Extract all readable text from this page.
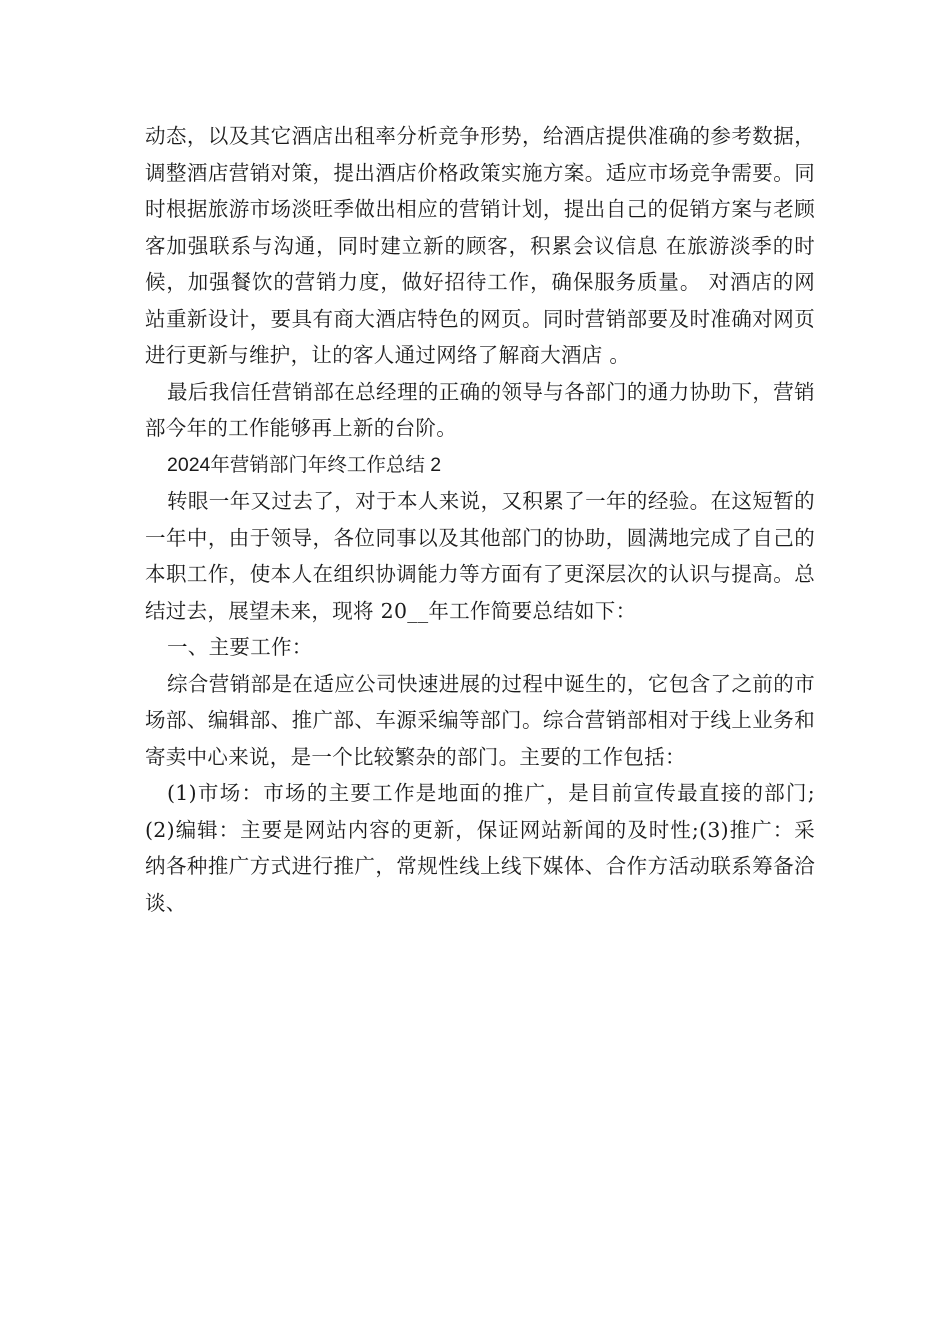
动态，以及其它酒店出租率分析竞争形势，给酒店提供准确的参考数据，调整酒店营销对策，提出酒店价格政策实施方案。适应市场竞争需要。同时根据旅游市场淡旺季做出相应的营销计划，提出自己的促销方案与老顾客加强联系与沟通，同时建立新的顾客，积累会议信息 在旅游淡季的时候，加强餐饮的营销力度，做好招待工作，确保服务质量。 对酒店的网站重新设计，要具有商大酒店特色的网页。同时营销部要及时准确对网页进行更新与维护，让的客人通过网络了解商大酒店 。

最后我信任营销部在总经理的正确的领导与各部门的通力协助下，营销部今年的工作能够再上新的台阶。

2024年营销部门年终工作总结 2

转眼一年又过去了，对于本人来说，又积累了一年的经验。在这短暂的一年中，由于领导，各位同事以及其他部门的协助，圆满地完成了自己的本职工作，使本人在组织协调能力等方面有了更深层次的认识与提高。总结过去，展望未来，现将 20__年工作简要总结如下：

一、主要工作：

综合营销部是在适应公司快速进展的过程中诞生的，它包含了之前的市场部、编辑部、推广部、车源采编等部门。综合营销部相对于线上业务和寄卖中心来说，是一个比较繁杂的部门。主要的工作包括：

(1)市场：市场的主要工作是地面的推广，是目前宣传最直接的部门;(2)编辑：主要是网站内容的更新，保证网站新闻的及时性;(3)推广：采纳各种推广方式进行推广，常规性线上线下媒体、合作方活动联系筹备洽谈、
